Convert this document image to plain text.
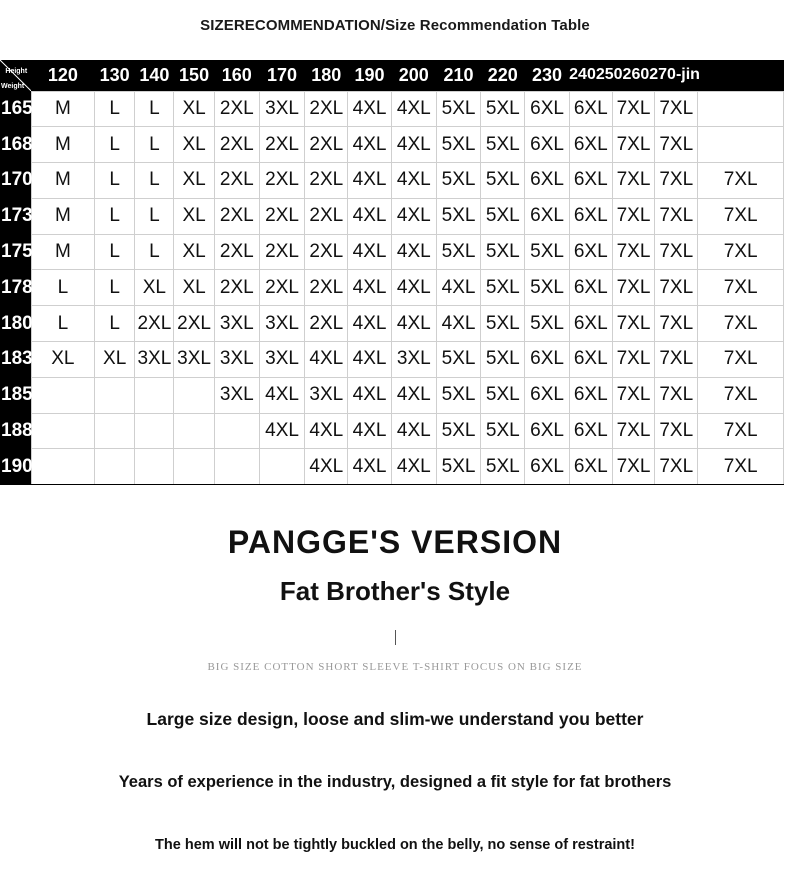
SIZERECOMMENDATION/Size Recommendation Table
Height
Weight	120	130	140	150	160	170	180	190	200	210	220	230	240250260270-jin			
165	M	L	L	XL	2XL	3XL	2XL	4XL	4XL	5XL	5XL	6XL	6XL	7XL	7XL	
168	M	L	L	XL	2XL	2XL	2XL	4XL	4XL	5XL	5XL	6XL	6XL	7XL	7XL	
170	M	L	L	XL	2XL	2XL	2XL	4XL	4XL	5XL	5XL	6XL	6XL	7XL	7XL	7XL
173	M	L	L	XL	2XL	2XL	2XL	4XL	4XL	5XL	5XL	6XL	6XL	7XL	7XL	7XL
175	M	L	L	XL	2XL	2XL	2XL	4XL	4XL	5XL	5XL	5XL	6XL	7XL	7XL	7XL
178	L	L	XL	XL	2XL	2XL	2XL	4XL	4XL	4XL	5XL	5XL	6XL	7XL	7XL	7XL
180	L	L	2XL	2XL	3XL	3XL	2XL	4XL	4XL	4XL	5XL	5XL	6XL	7XL	7XL	7XL
183	XL	XL	3XL	3XL	3XL	3XL	4XL	4XL	3XL	5XL	5XL	6XL	6XL	7XL	7XL	7XL
185					3XL	4XL	3XL	4XL	4XL	5XL	5XL	6XL	6XL	7XL	7XL	7XL
188						4XL	4XL	4XL	4XL	5XL	5XL	6XL	6XL	7XL	7XL	7XL
190							4XL	4XL	4XL	5XL	5XL	6XL	6XL	7XL	7XL	7XL
PANGGE'S VERSION
Fat Brother's Style
BIG SIZE COTTON SHORT SLEEVE T-SHIRT FOCUS ON BIG SIZE
Large size design, loose and slim-we understand you better
Years of experience in the industry, designed a fit style for fat brothers
The hem will not be tightly buckled on the belly, no sense of restraint!
